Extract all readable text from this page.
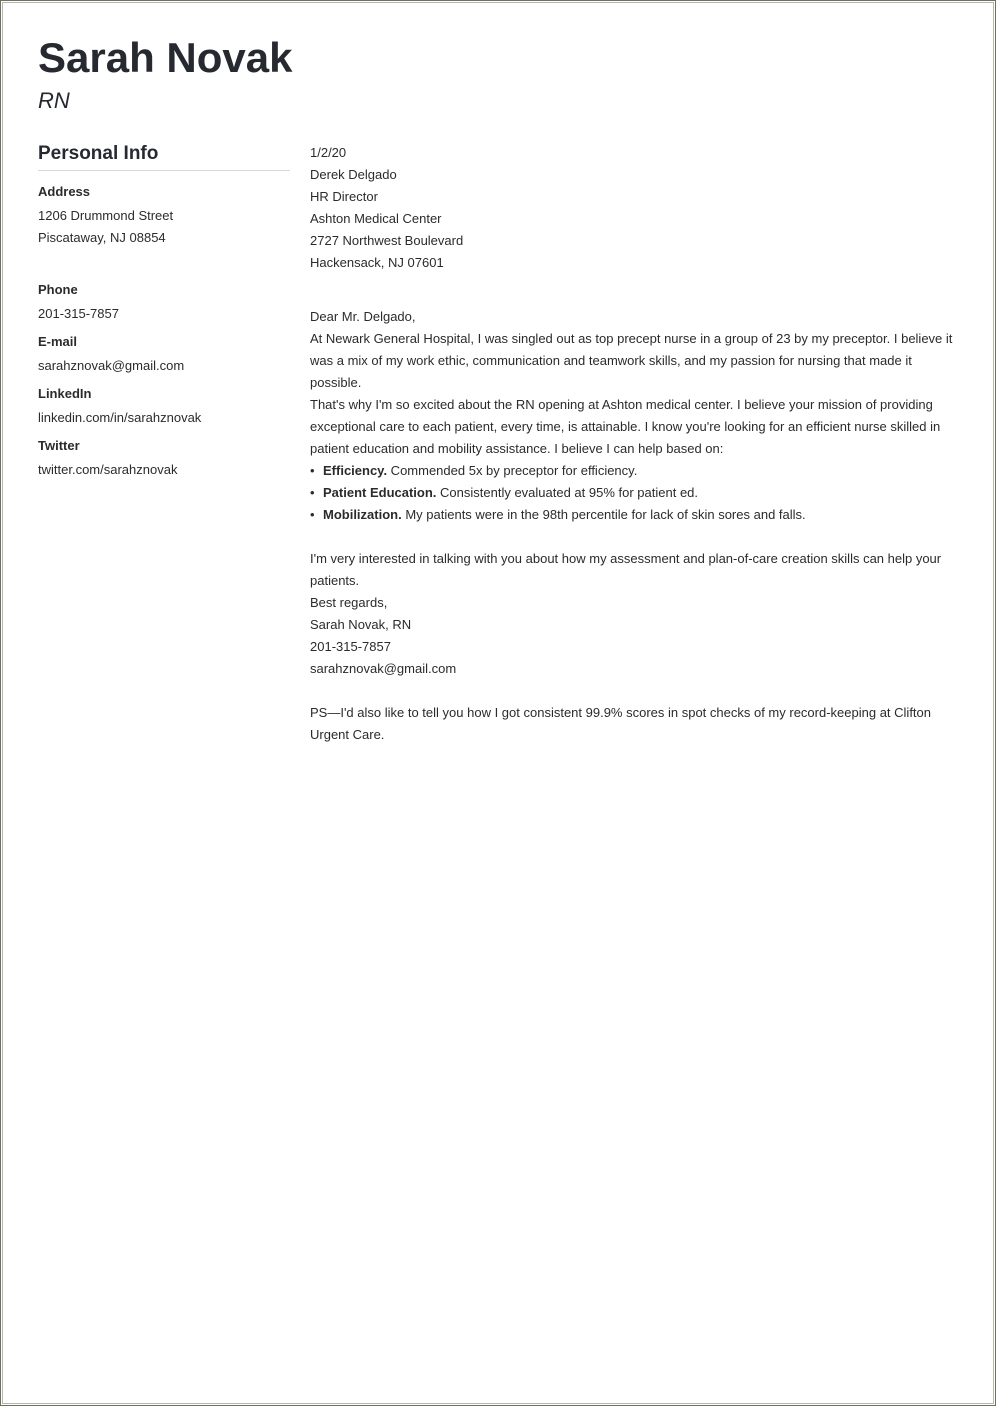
Sarah Novak
RN
Personal Info
Address
1206 Drummond Street
Piscataway, NJ 08854
Phone
201-315-7857
E-mail
sarahznovak@gmail.com
LinkedIn
linkedin.com/in/sarahznovak
Twitter
twitter.com/sarahznovak

1/2/20

Derek Delgado

HR Director

Ashton Medical Center

2727 Northwest Boulevard

Hackensack, NJ 07601

Dear Mr. Delgado,

At Newark General Hospital, I was singled out as top precept nurse in a group of 23 by my preceptor. I believe it was a mix of my work ethic, communication and teamwork skills, and my passion for nursing that made it possible.

That's why I'm so excited about the RN opening at Ashton medical center. I believe your mission of providing exceptional care to each patient, every time, is attainable. I know you're looking for an efficient nurse skilled in patient education and mobility assistance. I believe I can help based on:

• Efficiency. Commended 5x by preceptor for efficiency.
• Patient Education. Consistently evaluated at 95% for patient ed.
• Mobilization. My patients were in the 98th percentile for lack of skin sores and falls.

I'm very interested in talking with you about how my assessment and plan-of-care creation skills can help your patients.

Best regards,

Sarah Novak, RN

201-315-7857

sarahznovak@gmail.com

PS—I'd also like to tell you how I got consistent 99.9% scores in spot checks of my record-keeping at Clifton Urgent Care.
